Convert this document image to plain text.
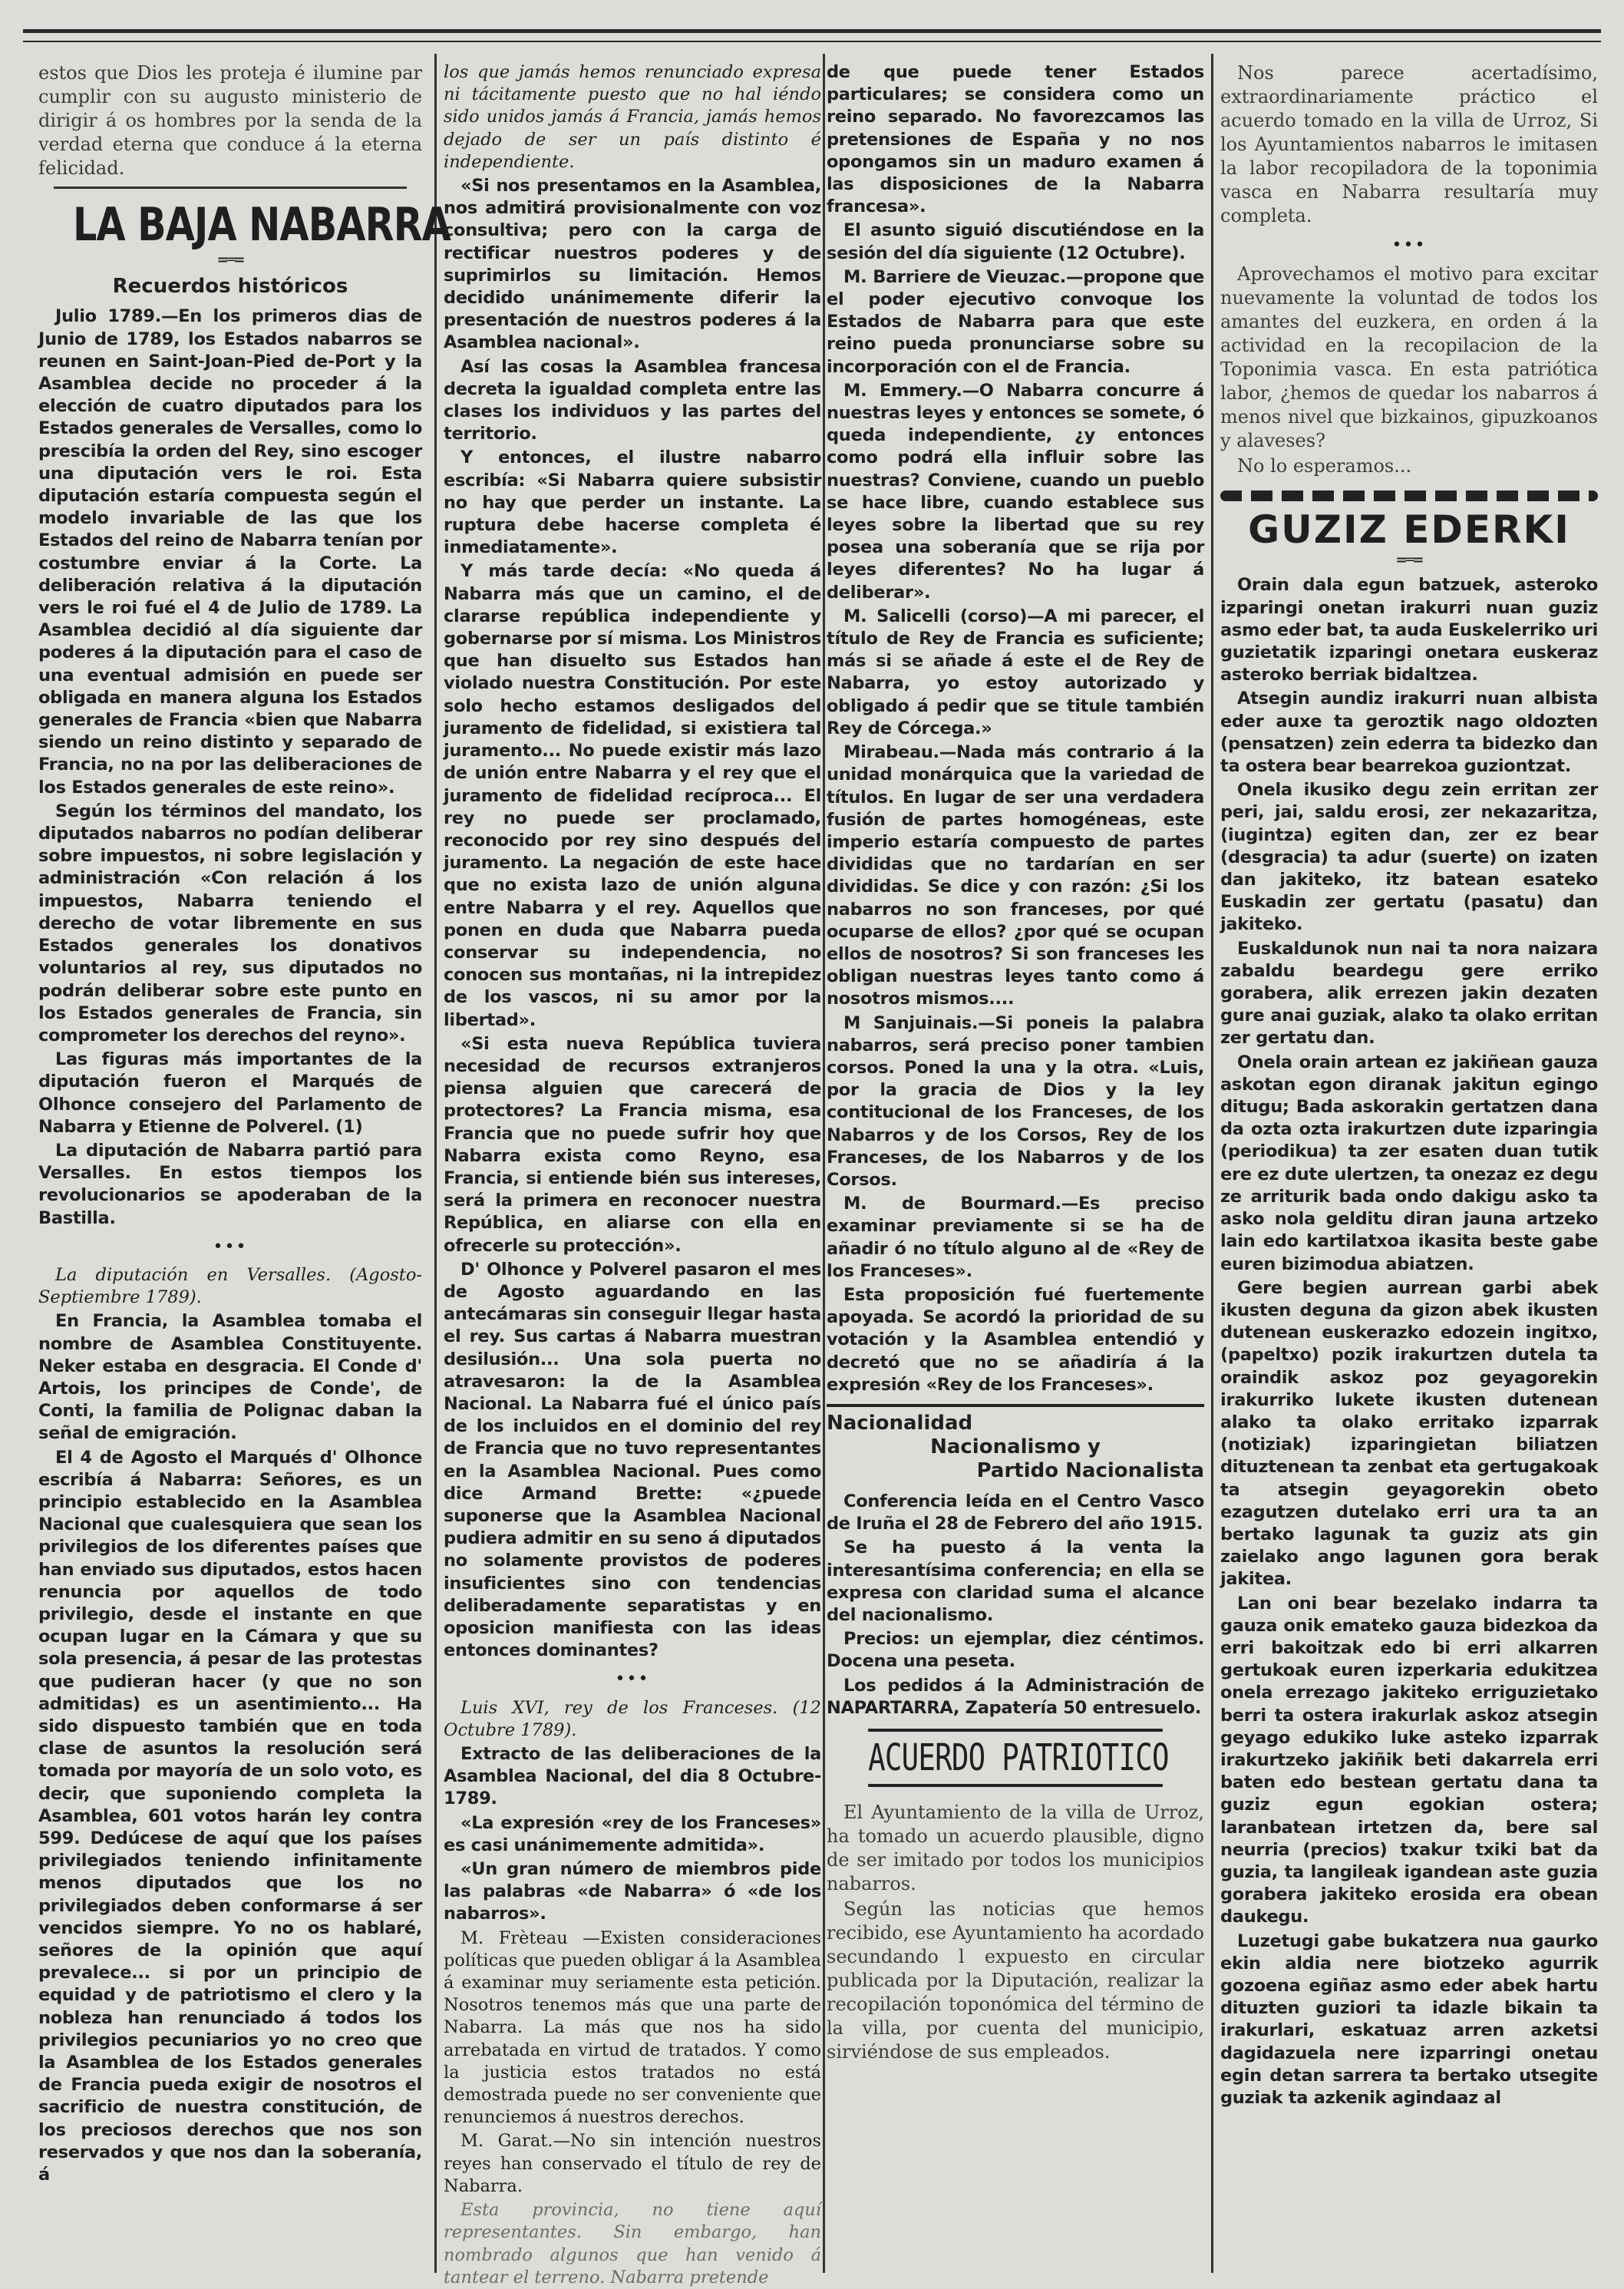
estos que Dios les proteja é ilumine par cumplir con su augusto ministerio de dirigir á os hombres por la senda de la verdad eterna que conduce á la eterna felicidad.

LA BAJA NABARRA
=═=
Recuerdos históricos

Julio 1789.—En los primeros dias de Junio de 1789, los Estados nabarros se reunen en Saint-Joan-Pied de-Port y la Asamblea decide no proceder á la elección de cuatro diputados para los Estados generales de Versalles, como lo prescibía la orden del Rey, sino escoger una diputación vers le roi. Esta diputación estaría compuesta según el modelo invariable de las que los Estados del reino de Nabarra tenían por costumbre enviar á la Corte. La deliberación relativa á la diputación vers le roi fué el 4 de Julio de 1789. La Asamblea decidió al día siguiente dar poderes á la diputación para el caso de una eventual admisión en puede ser obligada en manera alguna los Estados generales de Francia «bien que Nabarra siendo un reino distinto y separado de Francia, no na por las deliberaciones de los Estados generales de este reino».

Según los términos del mandato, los diputados nabarros no podían deliberar sobre impuestos, ni sobre legislación y administración «Con relación á los impuestos, Nabarra teniendo el derecho de votar libremente en sus Estados generales los donativos voluntarios al rey, sus diputados no podrán deliberar sobre este punto en los Estados generales de Francia, sin comprometer los derechos del reyno».

Las figuras más importantes de la diputación fueron el Marqués de Olhonce consejero del Parlamento de Nabarra y Etienne de Polverel. (1)

La diputación de Nabarra partió para Versalles. En estos tiempos los revolucionarios se apoderaban de la Bastilla.

•••

La diputación en Versalles. (Agosto-Septiembre 1789).

En Francia, la Asamblea tomaba el nombre de Asamblea Constituyente. Neker estaba en desgracia. El Conde d' Artois, los principes de Conde', de Conti, la familia de Polignac daban la señal de emigración.

El 4 de Agosto el Marqués d' Olhonce escribía á Nabarra: Señores, es un principio establecido en la Asamblea Nacional que cualesquiera que sean los privilegios de los diferentes países que han enviado sus diputados, estos hacen renuncia por aquellos de todo privilegio, desde el instante en que ocupan lugar en la Cámara y que su sola presencia, á pesar de las protestas que pudieran hacer (y que no son admitidas) es un asentimiento... Ha sido dispuesto también que en toda clase de asuntos la resolución será tomada por mayoría de un solo voto, es decir, que suponiendo completa la Asamblea, 601 votos harán ley contra 599. Dedúcese de aquí que los países privilegiados teniendo infinitamente menos diputados que los no privilegiados deben conformarse á ser vencidos siempre. Yo no os hablaré, señores de la opinión que aquí prevalece... si por un principio de equidad y de patriotismo el clero y la nobleza han renunciado á todos los privilegios pecuniarios yo no creo que la Asamblea de los Estados generales de Francia pueda exigir de nosotros el sacrificio de nuestra constitución, de los preciosos derechos que nos son reservados y que nos dan la soberanía, á

los que jamás hemos renunciado expresa ni tácitamente puesto que no hal iéndo sido unidos jamás á Francia, jamás hemos dejado de ser un país distinto é independiente.

«Si nos presentamos en la Asamblea, nos admitirá provisionalmente con voz consultiva; pero con la carga de rectificar nuestros poderes y de suprimirlos su limitación. Hemos decidido unánimemente diferir la presentación de nuestros poderes á la Asamblea nacional».

Así las cosas la Asamblea francesa decreta la igualdad completa entre las clases los individuos y las partes del territorio.

Y entonces, el ilustre nabarro escribía: «Si Nabarra quiere subsistir no hay que perder un instante. La ruptura debe hacerse completa é inmediatamente».

Y más tarde decía: «No queda á Nabarra más que un camino, el de clararse república independiente y gobernarse por sí misma. Los Ministros que han disuelto sus Estados han violado nuestra Constitución. Por este solo hecho estamos desligados del juramento de fidelidad, si existiera tal juramento... No puede existir más lazo de unión entre Nabarra y el rey que el juramento de fidelidad recíproca... El rey no puede ser proclamado, reconocido por rey sino después del juramento. La negación de este hace que no exista lazo de unión alguna entre Nabarra y el rey. Aquellos que ponen en duda que Nabarra pueda conservar su independencia, no conocen sus montañas, ni la intrepidez de los vascos, ni su amor por la libertad».

«Si esta nueva República tuviera necesidad de recursos extranjeros piensa alguien que carecerá de protectores? La Francia misma, esa Francia que no puede sufrir hoy que Nabarra exista como Reyno, esa Francia, si entiende bién sus intereses, será la primera en reconocer nuestra República, en aliarse con ella en ofrecerle su protección».

D' Olhonce y Polverel pasaron el mes de Agosto aguardando en las antecámaras sin conseguir llegar hasta el rey. Sus cartas á Nabarra muestran desilusión... Una sola puerta no atravesaron: la de la Asamblea Nacional. La Nabarra fué el único país de los incluidos en el dominio del rey de Francia que no tuvo representantes en la Asamblea Nacional. Pues como dice Armand Brette: «¿puede suponerse que la Asamblea Nacional pudiera admitir en su seno á diputados no solamente provistos de poderes insuficientes sino con tendencias deliberadamente separatistas y en oposicion manifiesta con las ideas entonces dominantes?

•••

Luis XVI, rey de los Franceses. (12 Octubre 1789).

Extracto de las deliberaciones de la Asamblea Nacional, del dia 8 Octubre-1789.

«La expresión «rey de los Franceses» es casi unánimemente admitida».

«Un gran número de miembros pide las palabras «de Nabarra» ó «de los nabarros».

M. Frèteau —Existen consideraciones políticas que pueden obligar á la Asamblea á examinar muy seriamente esta petición. Nosotros tenemos más que una parte de Nabarra. La más que nos ha sido arrebatada en virtud de tratados. Y como la justicia estos tratados no está demostrada puede no ser conveniente que renunciemos á nuestros derechos.

M. Garat.—No sin intención nuestros reyes han conservado el título de rey de Nabarra.

Esta provincia, no tiene aquí representantes. Sin embargo, han nombrado algunos que han venido á tantear el terreno. Nabarra pretende

de que puede tener Estados particulares; se considera como un reino separado. No favorezcamos las pretensiones de España y no nos opongamos sin un maduro examen á las disposiciones de la Nabarra francesa».

El asunto siguió discutiéndose en la sesión del día siguiente (12 Octubre).

M. Barriere de Vieuzac.—propone que el poder ejecutivo convoque los Estados de Nabarra para que este reino pueda pronunciarse sobre su incorporación con el de Francia.

M. Emmery.—O Nabarra concurre á nuestras leyes y entonces se somete, ó queda independiente, ¿y entonces como podrá ella influir sobre las nuestras? Conviene, cuando un pueblo se hace libre, cuando establece sus leyes sobre la libertad que su rey posea una soberanía que se rija por leyes diferentes? No ha lugar á deliberar».

M. Salicelli (corso)—A mi parecer, el título de Rey de Francia es suficiente; más si se añade á este el de Rey de Nabarra, yo estoy autorizado y obligado á pedir que se titule también Rey de Córcega.»

Mirabeau.—Nada más contrario á la unidad monárquica que la variedad de títulos. En lugar de ser una verdadera fusión de partes homogéneas, este imperio estaría compuesto de partes divididas que no tardarían en ser divididas. Se dice y con razón: ¿Si los nabarros no son franceses, por qué ocuparse de ellos? ¿por qué se ocupan ellos de nosotros? Si son franceses les obligan nuestras leyes tanto como á nosotros mismos....

M Sanjuinais.—Si poneis la palabra nabarros, será preciso poner tambien corsos. Poned la una y la otra. «Luis, por la gracia de Dios y la ley contitucional de los Franceses, de los Nabarros y de los Corsos, Rey de los Franceses, de los Nabarros y de los Corsos.

M. de Bourmard.—Es preciso examinar previamente si se ha de añadir ó no título alguno al de «Rey de los Franceses».

Esta proposición fué fuertemente apoyada. Se acordó la prioridad de su votación y la Asamblea entendió y decretó que no se añadiría á la expresión «Rey de los Franceses».

Nacionalidad
Nacionalismo y
Partido Nacionalista

Conferencia leída en el Centro Vasco de Iruña el 28 de Febrero del año 1915.

Se ha puesto á la venta la interesantísima conferencia; en ella se expresa con claridad suma el alcance del nacionalismo.

Precios: un ejemplar, diez céntimos. Docena una peseta.

Los pedidos á la Administración de NAPARTARRA, Zapatería 50 entresuelo.

ACUERDO PATRIOTICO

El Ayuntamiento de la villa de Urroz, ha tomado un acuerdo plausible, digno de ser imitado por todos los municipios nabarros.

Según las noticias que hemos recibido, ese Ayuntamiento ha acordado secundando l expuesto en circular publicada por la Diputación, realizar la recopilación toponómica del término de la villa, por cuenta del municipio, sirviéndose de sus empleados.

Nos parece acertadísimo, extraordinariamente práctico el acuerdo tomado en la villa de Urroz, Si los Ayuntamientos nabarros le imitasen la labor recopiladora de la toponimia vasca en Nabarra resultaría muy completa.

•••

Aprovechamos el motivo para excitar nuevamente la voluntad de todos los amantes del euzkera, en orden á la actividad en la recopilacion de la Toponimia vasca. En esta patriótica labor, ¿hemos de quedar los nabarros á menos nivel que bizkainos, gipuzkoanos y alaveses?

No lo esperamos...

GUZIZ EDERKI
=═=

Orain dala egun batzuek, asteroko izparingi onetan irakurri nuan guziz asmo eder bat, ta auda Euskelerriko uri guzietatik izparingi onetara euskeraz asteroko berriak bidaltzea.

Atsegin aundiz irakurri nuan albista eder auxe ta geroztik nago oldozten (pensatzen) zein ederra ta bidezko dan ta ostera bear bearrekoa guziontzat.

Onela ikusiko degu zein erritan zer peri, jai, saldu erosi, zer nekazaritza, (iugintza) egiten dan, zer ez bear (desgracia) ta adur (suerte) on izaten dan jakiteko, itz batean esateko Euskadin zer gertatu (pasatu) dan jakiteko.

Euskaldunok nun nai ta nora naizara zabaldu beardegu gere erriko gorabera, alik errezen jakin dezaten gure anai guziak, alako ta olako erritan zer gertatu dan.

Onela orain artean ez jakiñean gauza askotan egon diranak jakitun egingo ditugu; Bada askorakin gertatzen dana da ozta ozta irakurtzen dute izparingia (periodikua) ta zer esaten duan tutik ere ez dute ulertzen, ta onezaz ez degu ze arriturik bada ondo dakigu asko ta asko nola gelditu diran jauna artzeko lain edo kartilatxoa ikasita beste gabe euren bizimodua abiatzen.

Gere begien aurrean garbi abek ikusten deguna da gizon abek ikusten dutenean euskerazko edozein ingitxo, (papeltxo) pozik irakurtzen dutela ta oraindik askoz poz geyagorekin irakurriko lukete ikusten dutenean alako ta olako erritako izparrak (notiziak) izparingietan biliatzen dituztenean ta zenbat eta gertugakoak ta atsegin geyagorekin obeto ezagutzen dutelako erri ura ta an bertako lagunak ta guziz ats gin zaielako ango lagunen gora berak jakitea.

Lan oni bear bezelako indarra ta gauza onik emateko gauza bidezkoa da erri bakoitzak edo bi erri alkarren gertukoak euren izperkaria edukitzea onela errezago jakiteko erriguzietako berri ta ostera irakurlak askoz atsegin geyago edukiko luke asteko izparrak irakurtzeko jakiñik beti dakarrela erri baten edo bestean gertatu dana ta guziz egun egokian ostera; laranbatean irtetzen da, bere sal neurria (precios) txakur txiki bat da guzia, ta langileak igandean aste guzia gorabera jakiteko erosida era obean daukegu.

Luzetugi gabe bukatzera nua gaurko ekin aldia nere biotzeko agurrik gozoena egiñaz asmo eder abek hartu dituzten guziori ta idazle bikain ta irakurlari, eskatuaz arren azketsi dagidazuela nere izparringi onetau egin detan sarrera ta bertako utsegite guziak ta azkenik agindaaz al
